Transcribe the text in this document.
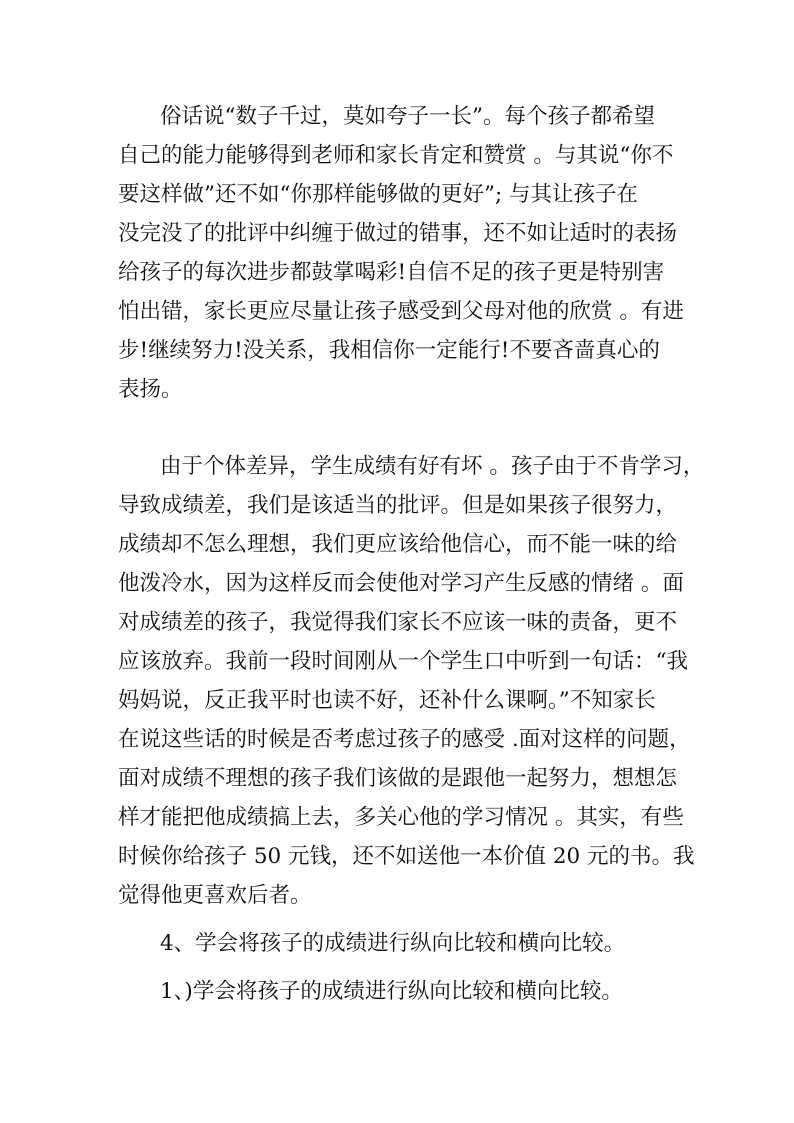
俗话说“数子千过，莫如夸子一长”。每个孩子都希望
自己的能力能够得到老师和家长肯定和赞赏 。与其说“你不
要这样做”还不如“你那样能够做的更好”; 与其让孩子在
没完没了的批评中纠缠于做过的错事，还不如让适时的表扬
给孩子的每次进步都鼓掌喝彩!自信不足的孩子更是特别害
怕出错，家长更应尽量让孩子感受到父母对他的欣赏 。有进
步!继续努力!没关系，我相信你一定能行!不要吝啬真心的
表扬。
由于个体差异，学生成绩有好有坏 。孩子由于不肯学习，
导致成绩差，我们是该适当的批评。但是如果孩子很努力，
成绩却不怎么理想，我们更应该给他信心，而不能一味的给
他泼冷水，因为这样反而会使他对学习产生反感的情绪 。面
对成绩差的孩子，我觉得我们家长不应该一味的责备，更不
应该放弃。我前一段时间刚从一个学生口中听到一句话：“我
妈妈说，反正我平时也读不好，还补什么课啊。”不知家长
在说这些话的时候是否考虑过孩子的感受 .面对这样的问题，
面对成绩不理想的孩子我们该做的是跟他一起努力，想想怎
样才能把他成绩搞上去，多关心他的学习情况 。其实，有些
时候你给孩子 50 元钱，还不如送他一本价值 20 元的书。我
觉得他更喜欢后者。
4、学会将孩子的成绩进行纵向比较和横向比较。
1、)学会将孩子的成绩进行纵向比较和横向比较。
